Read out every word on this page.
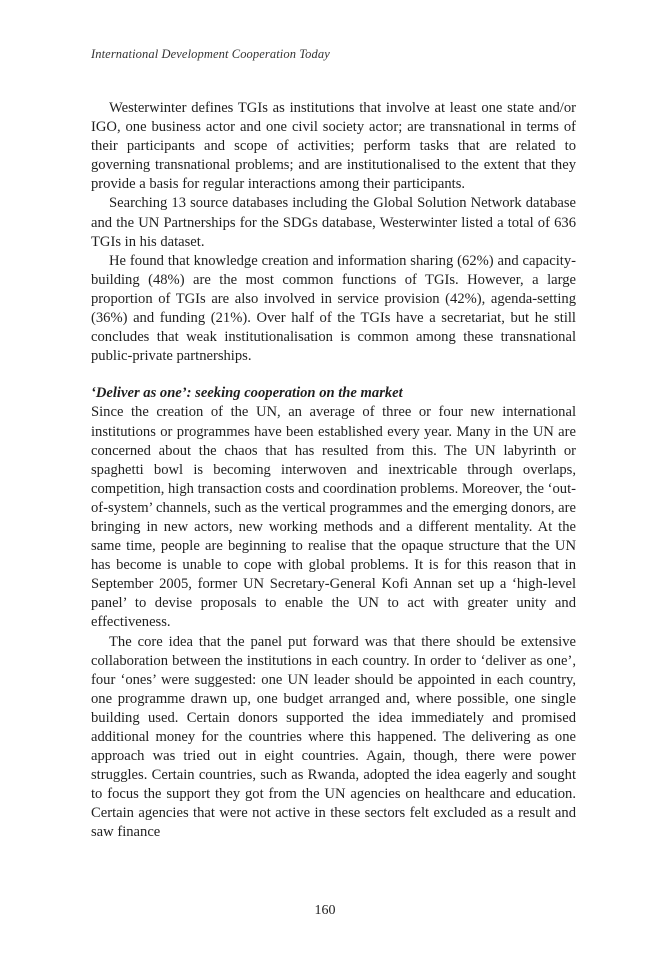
International Development Cooperation Today

Westerwinter defines TGIs as institutions that involve at least one state and/or IGO, one business actor and one civil society actor; are transnational in terms of their participants and scope of activities; perform tasks that are related to governing transnational problems; and are institutionalised to the extent that they provide a basis for regular interactions among their participants.

Searching 13 source databases including the Global Solution Network database and the UN Partnerships for the SDGs database, Westerwinter listed a total of 636 TGIs in his dataset.

He found that knowledge creation and information sharing (62%) and capacity-building (48%) are the most common functions of TGIs. However, a large proportion of TGIs are also involved in service provision (42%), agenda-setting (36%) and funding (21%). Over half of the TGIs have a secretariat, but he still concludes that weak institutionalisation is common among these transnational public-private partnerships.

‘Deliver as one’: seeking cooperation on the market

Since the creation of the UN, an average of three or four new international institutions or programmes have been established every year. Many in the UN are concerned about the chaos that has resulted from this. The UN labyrinth or spaghetti bowl is becoming interwoven and inextricable through overlaps, competition, high transaction costs and coordination problems. Moreover, the ‘out-of-system’ channels, such as the vertical programmes and the emerging donors, are bringing in new actors, new working methods and a different mentality. At the same time, people are beginning to realise that the opaque structure that the UN has become is unable to cope with global problems. It is for this reason that in September 2005, former UN Secretary-General Kofi Annan set up a ‘high-level panel’ to devise proposals to enable the UN to act with greater unity and effectiveness.

The core idea that the panel put forward was that there should be extensive collaboration between the institutions in each country. In order to ‘deliver as one’, four ‘ones’ were suggested: one UN leader should be appointed in each country, one programme drawn up, one budget arranged and, where possible, one single building used. Certain donors supported the idea immediately and promised additional money for the countries where this happened. The delivering as one approach was tried out in eight countries. Again, though, there were power struggles. Certain countries, such as Rwanda, adopted the idea eagerly and sought to focus the support they got from the UN agencies on healthcare and education. Certain agencies that were not active in these sectors felt excluded as a result and saw finance

160
